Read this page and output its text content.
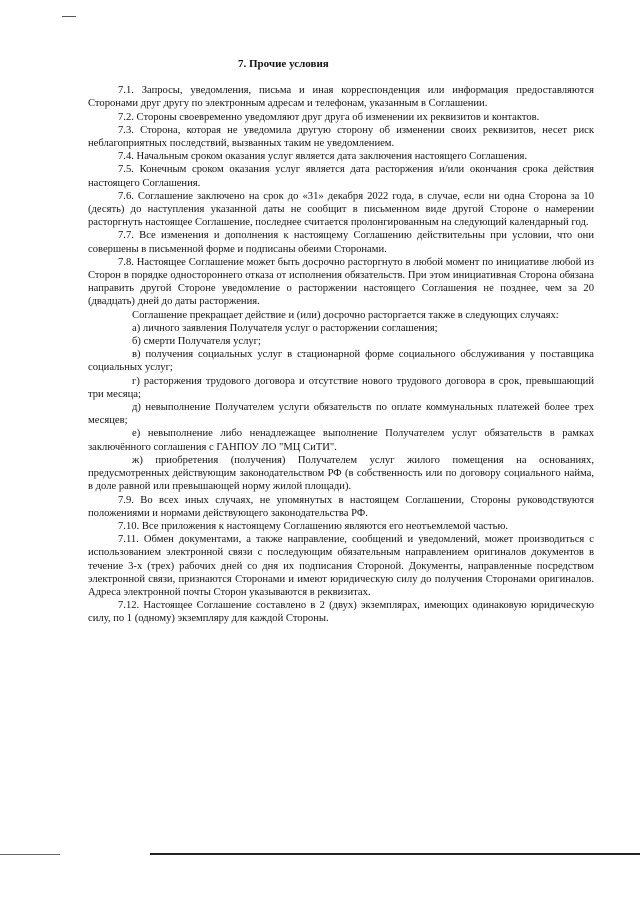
7. Прочие условия

7.1. Запросы, уведомления, письма и иная корреспонденция или информация предоставляются Сторонами друг другу по электронным адресам и телефонам, указанным в Соглашении.

7.2. Стороны своевременно уведомляют друг друга об изменении их реквизитов и контактов.

7.3. Сторона, которая не уведомила другую сторону об изменении своих реквизитов, несет риск неблагоприятных последствий, вызванных таким не уведомлением.

7.4. Начальным сроком оказания услуг является дата заключения настоящего Соглашения.

7.5. Конечным сроком оказания услуг является дата расторжения и/или окончания срока действия настоящего Соглашения.

7.6. Соглашение заключено на срок до «31» декабря 2022 года, в случае, если ни одна Сторона за 10 (десять) до наступления указанной даты не сообщит в письменном виде другой Стороне о намерении расторгнуть настоящее Соглашение, последнее считается пролонгированным на следующий календарный год.

7.7. Все изменения и дополнения к настоящему Соглашению действительны при условии, что они совершены в письменной форме и подписаны обеими Сторонами.

7.8. Настоящее Соглашение может быть досрочно расторгнуто в любой момент по инициативе любой из Сторон в порядке одностороннего отказа от исполнения обязательств. При этом инициативная Сторона обязана направить другой Стороне уведомление о расторжении настоящего Соглашения не позднее, чем за 20 (двадцать) дней до даты расторжения.

Соглашение прекращает действие и (или) досрочно расторгается также в следующих случаях:

а) личного заявления Получателя услуг о расторжении соглашения;

б) смерти Получателя услуг;

в) получения социальных услуг в стационарной форме социального обслуживания у поставщика социальных услуг;

г) расторжения трудового договора и отсутствие нового трудового договора в срок, превышающий три месяца;

д) невыполнение Получателем услуги обязательств по оплате коммунальных платежей более трех месяцев;

е) невыполнение либо ненадлежащее выполнение Получателем услуг обязательств в рамках заключённого соглашения с ГАНПОУ ЛО "МЦ СиТИ".

ж) приобретения (получения) Получателем услуг жилого помещения на основаниях, предусмотренных действующим законодательством РФ (в собственность или по договору социального найма, в доле равной или превышающей норму жилой площади).

7.9. Во всех иных случаях, не упомянутых в настоящем Соглашении, Стороны руководствуются положениями и нормами действующего законодательства РФ.

7.10. Все приложения к настоящему Соглашению являются его неотъемлемой частью.

7.11. Обмен документами, а также направление, сообщений и уведомлений, может производиться с использованием электронной связи с последующим обязательным направлением оригиналов документов в течение 3-х (трех) рабочих дней со дня их подписания Стороной. Документы, направленные посредством электронной связи, признаются Сторонами и имеют юридическую силу до получения Сторонами оригиналов. Адреса электронной почты Сторон указываются в реквизитах.

7.12. Настоящее Соглашение составлено в 2 (двух) экземплярах, имеющих одинаковую юридическую силу, по 1 (одному) экземпляру для каждой Стороны.
